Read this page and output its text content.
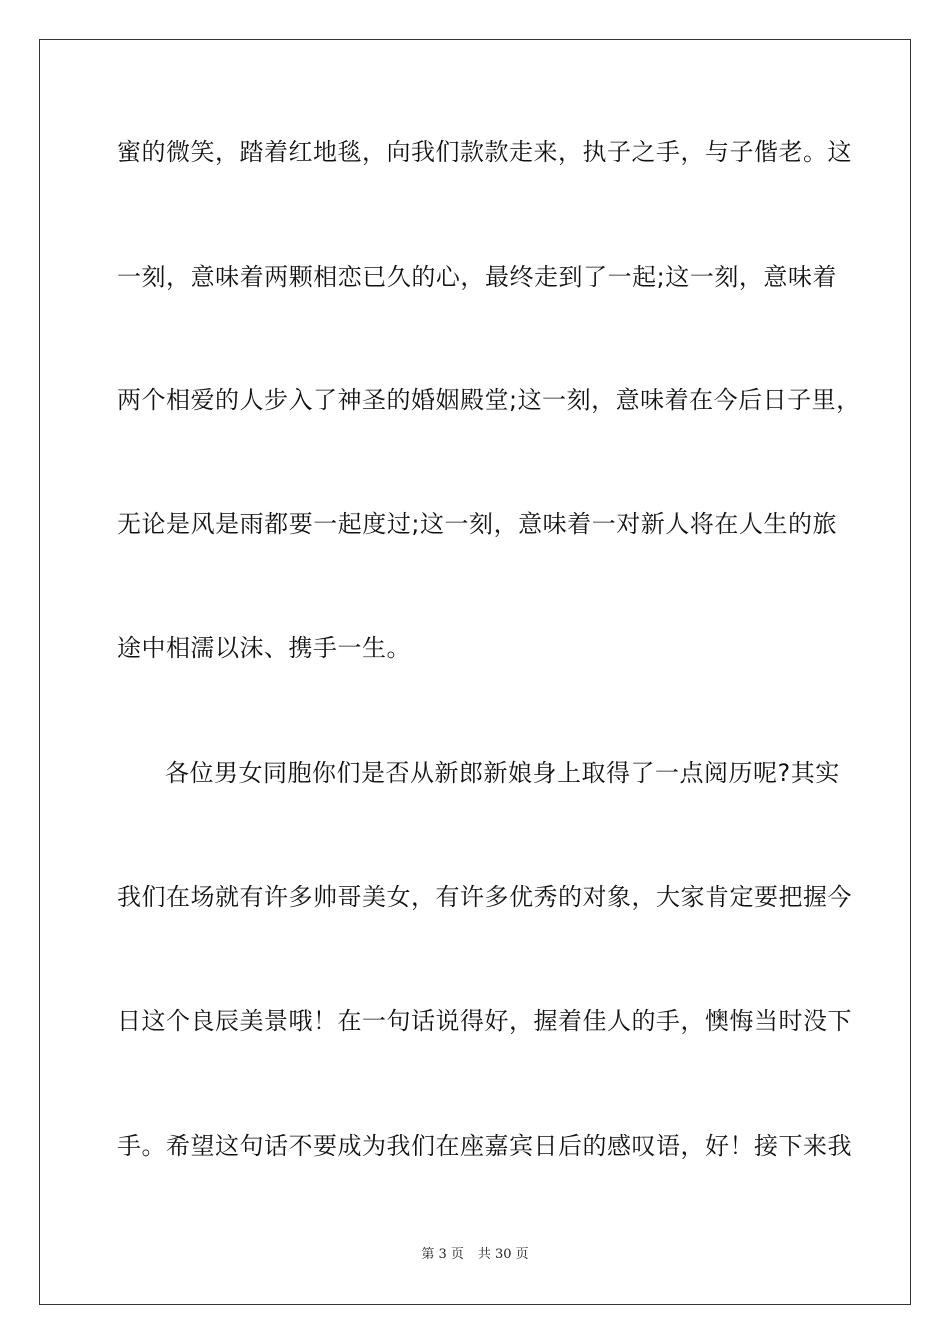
蜜的微笑，踏着红地毯，向我们款款走来，执子之手，与子偕老。这
一刻，意味着两颗相恋已久的心，最终走到了一起;这一刻，意味着
两个相爱的人步入了神圣的婚姻殿堂;这一刻，意味着在今后日子里，
无论是风是雨都要一起度过;这一刻，意味着一对新人将在人生的旅
途中相濡以沫、携手一生。
各位男女同胞你们是否从新郎新娘身上取得了一点阅历呢?其实
我们在场就有许多帅哥美女，有许多优秀的对象，大家肯定要把握今
日这个良辰美景哦！在一句话说得好，握着佳人的手，懊悔当时没下
手。希望这句话不要成为我们在座嘉宾日后的感叹语，好！接下来我
第 3 页 共 30 页
